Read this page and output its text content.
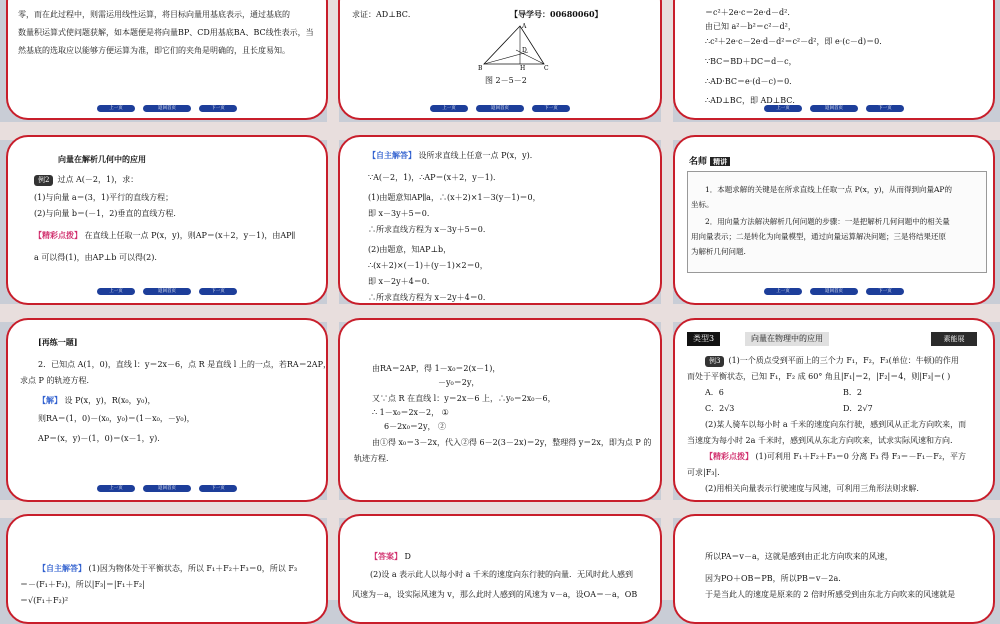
零，而在此过程中，则需运用线性运算，将目标向量用基底表示，通过基底的
数量积运算式使问题获解，如本题便是将向量BP、CD用基底BA、BC线性表示，当
然基底的选取应以能够方便运算为准，即它们的夹角是明确的，且长度易知。
上一页	返回首页	下一页
求证：AD⊥BC．	【导学号：00680060】
A
B	C
D
H
图 2－5－2
上一页	返回首页	下一页
＝c²＋2e·c＝2e·d－d²．
由已知 a²－b²＝c²－d²，
∴c²＋2e·c－2e·d－d²＝c²－d²，即 e·(c－d)＝0．
∵BC＝BD＋DC＝d－c，
∴AD·BC＝e·(d－c)＝0．
∴AD⊥BC，即 AD⊥BC．
上一页	返回首页	下一页
向量在解析几何中的应用
例2 过点 A(－2，1)，求：
(1)与向量 a＝(3，1)平行的直线方程；
(2)与向量 b＝(－1，2)垂直的直线方程．
【精彩点拨】 在直线上任取一点 P(x，y)，则AP＝(x＋2，y－1)，由AP∥
a 可以得(1)，由AP⊥b 可以得(2).
上一页	返回首页	下一页
【自主解答】 设所求直线上任意一点 P(x，y)．
∵A(－2，1)，∴AP＝(x＋2，y－1)．
(1)由题意知AP∥a，∴(x＋2)×1－3(y－1)＝0，
即 x－3y＋5＝0．
∴所求直线方程为 x－3y＋5＝0．
(2)由题意，知AP⊥b，
∴(x＋2)×(－1)＋(y－1)×2＝0，
即 x－2y＋4＝0．
∴所求直线方程为 x－2y＋4＝0．
名师 精讲
1．本题求解的关键是在所求直线上任取一点 P(x，y)，从而得到向量AP的
坐标。
2．用向量方法解决解析几何问题的步骤：一是把解析几何问题中的相关量
用向量表示；二是转化为向量模型，通过向量运算解决问题；三是将结果还原
为解析几何问题.
上一页	返回首页	下一页
[再练一题]
2．已知点 A(1，0)，直线 l：y＝2x－6，点 R 是直线 l 上的一点，若RA＝2AP，
求点 P 的轨迹方程．
【解】 设 P(x，y)，R(x₀，y₀)，
则RA＝(1，0)－(x₀，y₀)＝(1－x₀，－y₀)，
AP＝(x，y)－(1，0)＝(x－1，y).
上一页	返回首页	下一页
由RA＝2AP，得 1－x₀＝2(x－1)，
－y₀＝2y，
又∵点 R 在直线 l：y＝2x－6 上，∴y₀＝2x₀－6，
∴ 1－x₀＝2x－2， ①
6－2x₀＝2y， ②
由①得 x₀＝3－2x，代入②得 6－2(3－2x)＝2y，整理得 y＝2x，即为点 P 的
轨迹方程.
类型3	向量在物理中的应用	素能展
例3 (1)一个质点受到平面上的三个力 F₁，F₂，F₃(单位：牛顿)的作用
而处于平衡状态，已知 F₁，F₂ 成 60° 角且|F₁|＝2，|F₂|＝4，则|F₃|＝( )
A．6	B．2
C．2√3	D．2√7
(2)某人骑车以每小时 a 千米的速度向东行驶，感到风从正北方向吹来，而
当速度为每小时 2a 千米时，感到风从东北方向吹来，试求实际风速和方向.
【精彩点拨】 (1)可利用 F₁＋F₂＋F₃＝0 分离 F₃ 得 F₃＝－F₁－F₂，平方
可求|F₃|.
(2)用相关向量表示行驶速度与风速，可利用三角形法则求解.
【自主解答】 (1)因为物体处于平衡状态，所以 F₁＋F₂＋F₃＝0，所以 F₃
＝－(F₁＋F₂)，所以|F₃|＝|F₁＋F₂|
＝√(F₁＋F₂)²
【答案】 D
(2)设 a 表示此人以每小时 a 千米的速度向东行驶的向量．无风时此人感到
风速为－a，设实际风速为 v，那么此时人感到的风速为 v－a，设OA＝－a，OB
所以PA＝v－a，这就是感到由正北方向吹来的风速，
因为PO＋OB＝PB，所以PB＝v－2a.
于是当此人的速度是原来的 2 倍时所感受到由东北方向吹来的风速就是
